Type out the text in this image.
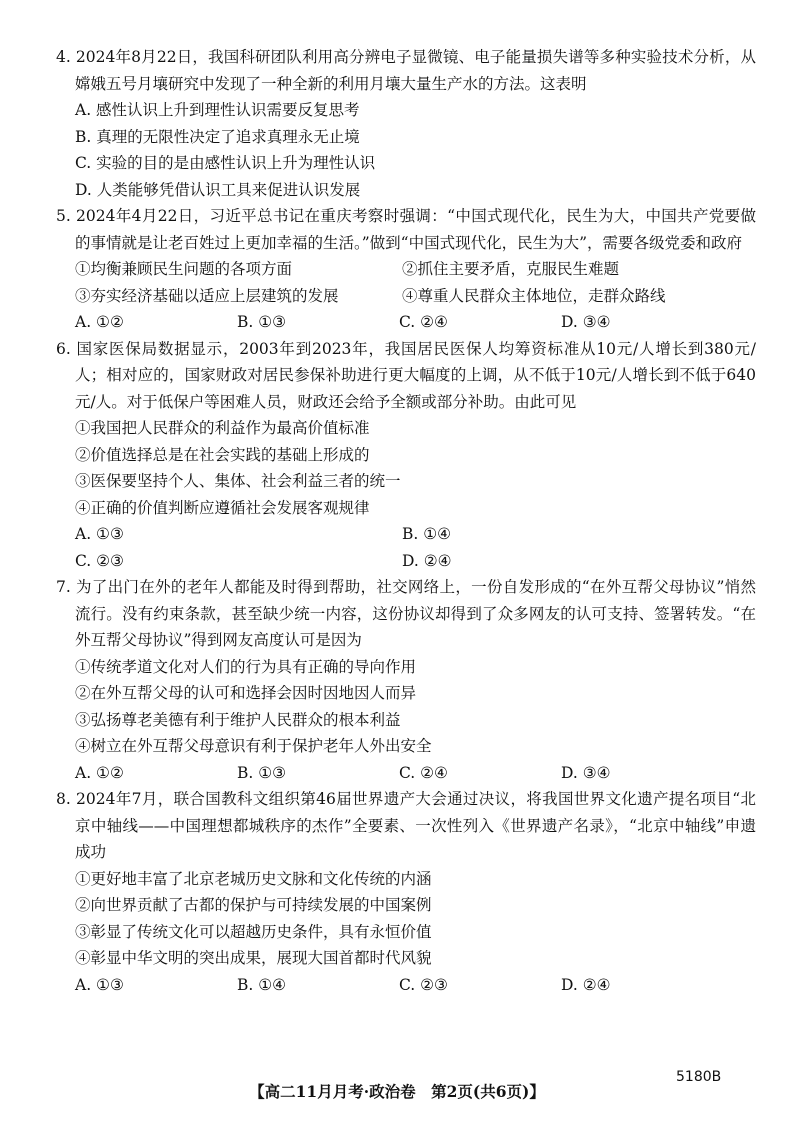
4. 2024年8月22日，我国科研团队利用高分辨电子显微镜、电子能量损失谱等多种实验技术分析，从嫦娥五号月壤研究中发现了一种全新的利用月壤大量生产水的方法。这表明

A. 感性认识上升到理性认识需要反复思考

B. 真理的无限性决定了追求真理永无止境

C. 实验的目的是由感性认识上升为理性认识

D. 人类能够凭借认识工具来促进认识发展

5. 2024年4月22日，习近平总书记在重庆考察时强调：“中国式现代化，民生为大，中国共产党要做的事情就是让老百姓过上更加幸福的生活。”做到“中国式现代化，民生为大”，需要各级党委和政府

①均衡兼顾民生问题的各项方面	②抓住主要矛盾，克服民生难题
③夯实经济基础以适应上层建筑的发展	④尊重人民群众主体地位，走群众路线
A. ①②	B. ①③	C. ②④	D. ③④

6. 国家医保局数据显示，2003年到2023年，我国居民医保人均筹资标准从10元/人增长到380元/人；相对应的，国家财政对居民参保补助进行更大幅度的上调，从不低于10元/人增长到不低于640元/人。对于低保户等困难人员，财政还会给予全额或部分补助。由此可见

①我国把人民群众的利益作为最高价值标准

②价值选择总是在社会实践的基础上形成的

③医保要坚持个人、集体、社会利益三者的统一

④正确的价值判断应遵循社会发展客观规律

A. ①③	B. ①④
C. ②③	D. ②④

7. 为了出门在外的老年人都能及时得到帮助，社交网络上，一份自发形成的“在外互帮父母协议”悄然流行。没有约束条款，甚至缺少统一内容，这份协议却得到了众多网友的认可支持、签署转发。“在外互帮父母协议”得到网友高度认可是因为

①传统孝道文化对人们的行为具有正确的导向作用

②在外互帮父母的认可和选择会因时因地因人而异

③弘扬尊老美德有利于维护人民群众的根本利益

④树立在外互帮父母意识有利于保护老年人外出安全

A. ①②	B. ①③	C. ②④	D. ③④

8. 2024年7月，联合国教科文组织第46届世界遗产大会通过决议，将我国世界文化遗产提名项目“北京中轴线——中国理想都城秩序的杰作”全要素、一次性列入《世界遗产名录》，“北京中轴线”申遗成功

①更好地丰富了北京老城历史文脉和文化传统的内涵

②向世界贡献了古都的保护与可持续发展的中国案例

③彰显了传统文化可以超越历史条件，具有永恒价值

④彰显中华文明的突出成果，展现大国首都时代风貌

A. ①③	B. ①④	C. ②③	D. ②④
【高二11月月考·政治卷　第2页(共6页)】
5180B
